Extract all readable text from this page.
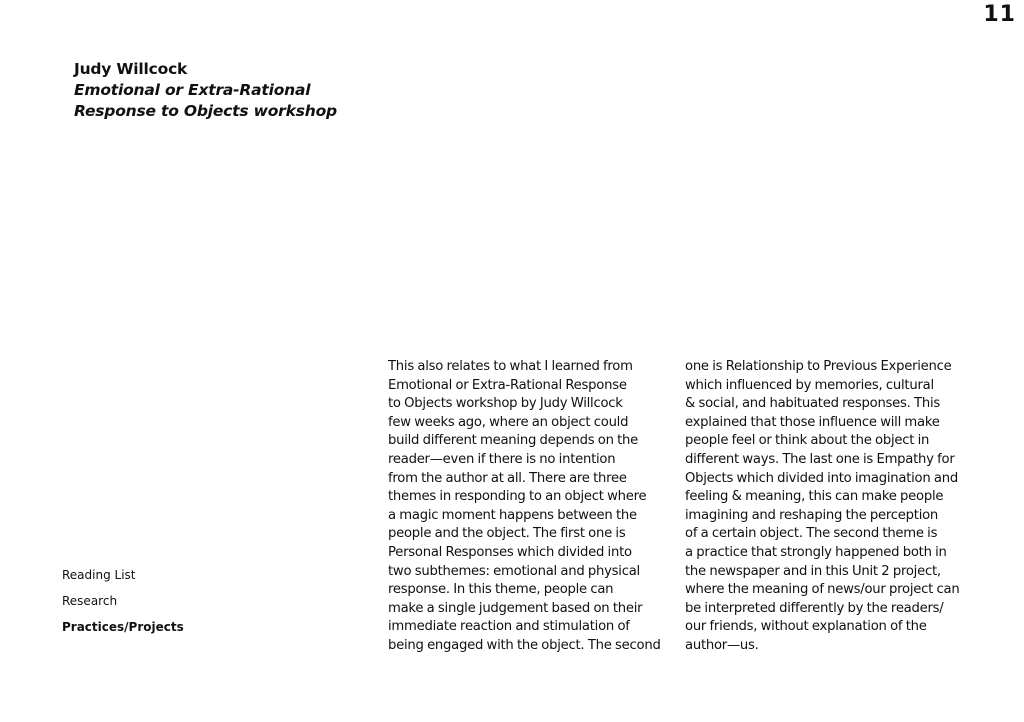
11
Judy Willcock
Emotional or Extra-Rational
Response to Objects workshop
Reading List
Research
Practices/Projects
This also relates to what I learned from
Emotional or Extra-Rational Response
to Objects workshop by Judy Willcock
few weeks ago, where an object could
build different meaning depends on the
reader—even if there is no intention
from the author at all. There are three
themes in responding to an object where
a magic moment happens between the
people and the object. The first one is
Personal Responses which divided into
two subthemes: emotional and physical
response. In this theme, people can
make a single judgement based on their
immediate reaction and stimulation of
being engaged with the object. The second
one is Relationship to Previous Experience
which influenced by memories, cultural
& social, and habituated responses. This
explained that those influence will make
people feel or think about the object in
different ways. The last one is Empathy for
Objects which divided into imagination and
feeling & meaning, this can make people
imagining and reshaping the perception
of a certain object. The second theme is
a practice that strongly happened both in
the newspaper and in this Unit 2 project,
where the meaning of news/our project can
be interpreted differently by the readers/
our friends, without explanation of the
author—us.
